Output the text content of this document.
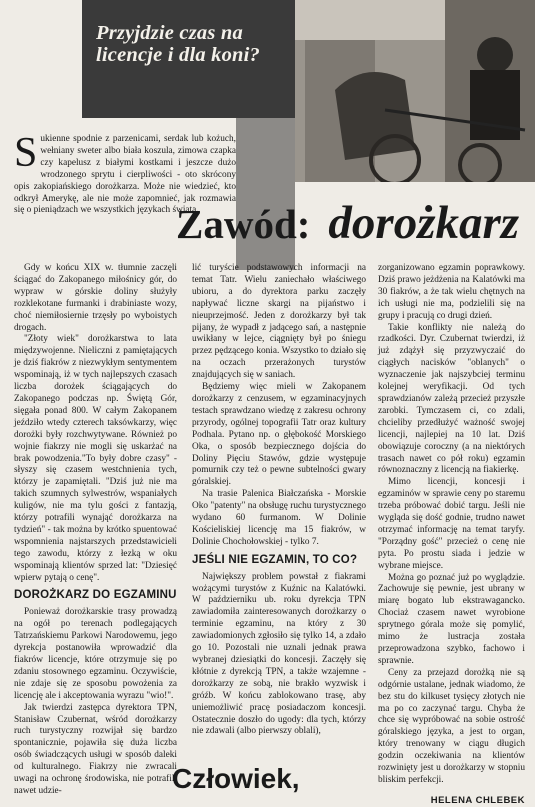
Przyjdzie czas na licencje i dla koni?
Zawód: dorożkarz

Sukienne spodnie z parzenicami, serdak lub kożuch, wełniany sweter albo biała koszula, zimowa czapka czy kapelusz z białymi kostkami i jeszcze dużo wrodzonego sprytu i cierpliwości - oto skrócony opis zakopiańskiego dorożkarza. Może nie wiedzieć, kto odkrył Amerykę, ale nie może zapomnieć, jak rozmawia się o pieniądzach we wszystkich językach świata.

Gdy w końcu XIX w. tłumnie zaczęli ściągać do Zakopanego miłośnicy gór, do wypraw w górskie doliny służyły rozklekotane furmanki i drabiniaste wozy, choć niemiłosiernie trzęsły po wyboistych drogach.

"Złoty wiek" dorożkarstwa to lata międzywojenne. Nieliczni z pamiętających je dziś fiakrów z niezwykłym sentymentem wspominają, iż w tych najlepszych czasach liczba dorożek ściągających do Zakopanego podczas np. Świętą Gór, sięgała ponad 800. W całym Zakopanem jeździło wtedy czterech taksówkarzy, więc dorożki były rozchwytywane. Również po wojnie fiakrzy nie mogli się uskarżać na brak powodzenia."To były dobre czasy" - słyszy się czasem westchnienia tych, którzy je zapamiętali. "Dziś już nie ma takich szumnych sylwestrów, wspaniałych kuligów, nie ma tylu gości z fantazją, którzy potrafili wynająć dorożkarza na tydzień" - tak można by krótko spuentować wspomnienia najstarszych przedstawicieli tego zawodu, którzy z łezką w oku wspominają klientów sprzed lat: "Dziesięć wpierw pytają o cenę".

DOROŻKARZ DO EGZAMINU

Ponieważ dorożkarskie trasy prowadzą na ogół po terenach podlegających Tatrzańskiemu Parkowi Narodowemu, jego dyrekcja postanowiła wprowadzić dla fiakrów licencje, które otrzymuje się po zdaniu stosownego egzaminu. Oczywiście, nie zdaje się ze sposobu powożenia za licencję ale i akceptowania wyrazu "wio!".

Jak twierdzi zastępca dyrektora TPN, Stanisław Czubernat, wśród dorożkarzy ruch turystyczny rozwijał się bardzo spontanicznie, pojawiła się duża liczba osób świadczących usługi w sposób daleki od kulturalnego. Fiakrzy nie zwracali uwagi na ochronę środowiska, nie potrafili nawet udzie-

lić turyście podstawowych informacji na temat Tatr. Wielu zaniechało właściwego ubioru, a do dyrektora parku zaczęły napływać liczne skargi na pijaństwo i nieuprzejmość. Jeden z dorożkarzy był tak pijany, że wypadł z jadącego sań, a następnie uwikłany w lejce, ciągnięty był po śniegu przez pędzącego konia. Wszystko to działo się na oczach przerażonych turystów znajdujących się w saniach.

Będziemy więc mieli w Zakopanem dorożkarzy z cenzusem, w egzaminacyjnych testach sprawdzano wiedzę z zakresu ochrony przyrody, ogólnej topografii Tatr oraz kultury Podhala. Pytano np. o głębokość Morskiego Oka, o sposób bezpiecznego dojścia do Doliny Pięciu Stawów, gdzie występuje pomurnik czy też o pewne subtelności gwary góralskiej.

Na trasie Palenica Białczańska - Morskie Oko "patenty" na obsługę ruchu turystycznego wydano 60 furmanom. W Dolinie Kościeliskiej licencję ma 15 fiakrów, w Dolinie Chochołowskiej - tylko 7.

JEŚLI NIE EGZAMIN, TO CO?

Największy problem powstał z fiakrami wożącymi turystów z Kuźnic na Kalatówki. W październiku ub. roku dyrekcja TPN zawiadomiła zainteresowanych dorożkarzy o terminie egzaminu, na który z 30 zawiadomionych zgłosiło się tylko 14, a zdało go 10. Pozostali nie uznali jednak prawa wybranej dziesiątki do koncesji. Zaczęły się kłótnie z dyrekcją TPN, a także wzajemne - dorożkarzy ze sobą, nie brakło wyzwisk i gróźb. W końcu zablokowano trasę, aby uniemożliwić pracę posiadaczom koncesji. Ostatecznie doszło do ugody: dla tych, którzy nie zdawali (albo pierwszy oblali),

zorganizowano egzamin poprawkowy. Dziś prawo jeżdżenia na Kalatówki ma 30 fiakrów, a że tak wielu chętnych na ich usługi nie ma, podzielili się na grupy i pracują co drugi dzień.

Takie konflikty nie należą do rzadkości. Dyr. Czubernat twierdzi, iż już zdążył się przyzwyczaić do ciągłych nacisków "oblanych" o wyznaczenie jak najszybciej terminu kolejnej weryfikacji. Od tych sprawdzianów zależą przecież przyszłe zarobki. Tymczasem ci, co zdali, chcieliby przedłużyć ważność swojej licencji, najlepiej na 10 lat. Dziś obowiązuje coroczny (a na niektórych trasach nawet co pół roku) egzamin równoznaczny z licencją na fiakierkę.

Mimo licencji, koncesji i egzaminów w sprawie ceny po staremu trzeba próbować dobić targu. Jeśli nie wygląda się dość godnie, trudno nawet otrzymać informację na temat taryfy. "Porządny gość" przecież o cenę nie pyta. Po prostu siada i jedzie w wybrane miejsce.

Można go poznać już po wyglądzie. Zachowuje się pewnie, jest ubrany w miarę bogato lub ekstrawagancko. Chociaż czasem nawet wyrobione sprytnego górala może się pomylić, mimo że lustracja została przeprowadzona szybko, fachowo i sprawnie.

Ceny za przejazd dorożką nie są odgórnie ustalane, jednak wiadomo, że bez stu do kilkuset tysięcy złotych nie ma po co zaczynać targu. Chyba że chce się wypróbować na sobie ostrość góralskiego języka, a jest to organ, który trenowany w ciągu długich godzin oczekiwania na klientów rozwinięty jest u dorożkarzy w stopniu bliskim perfekcji.

HELENA CHLEBEK
Człowiek,
